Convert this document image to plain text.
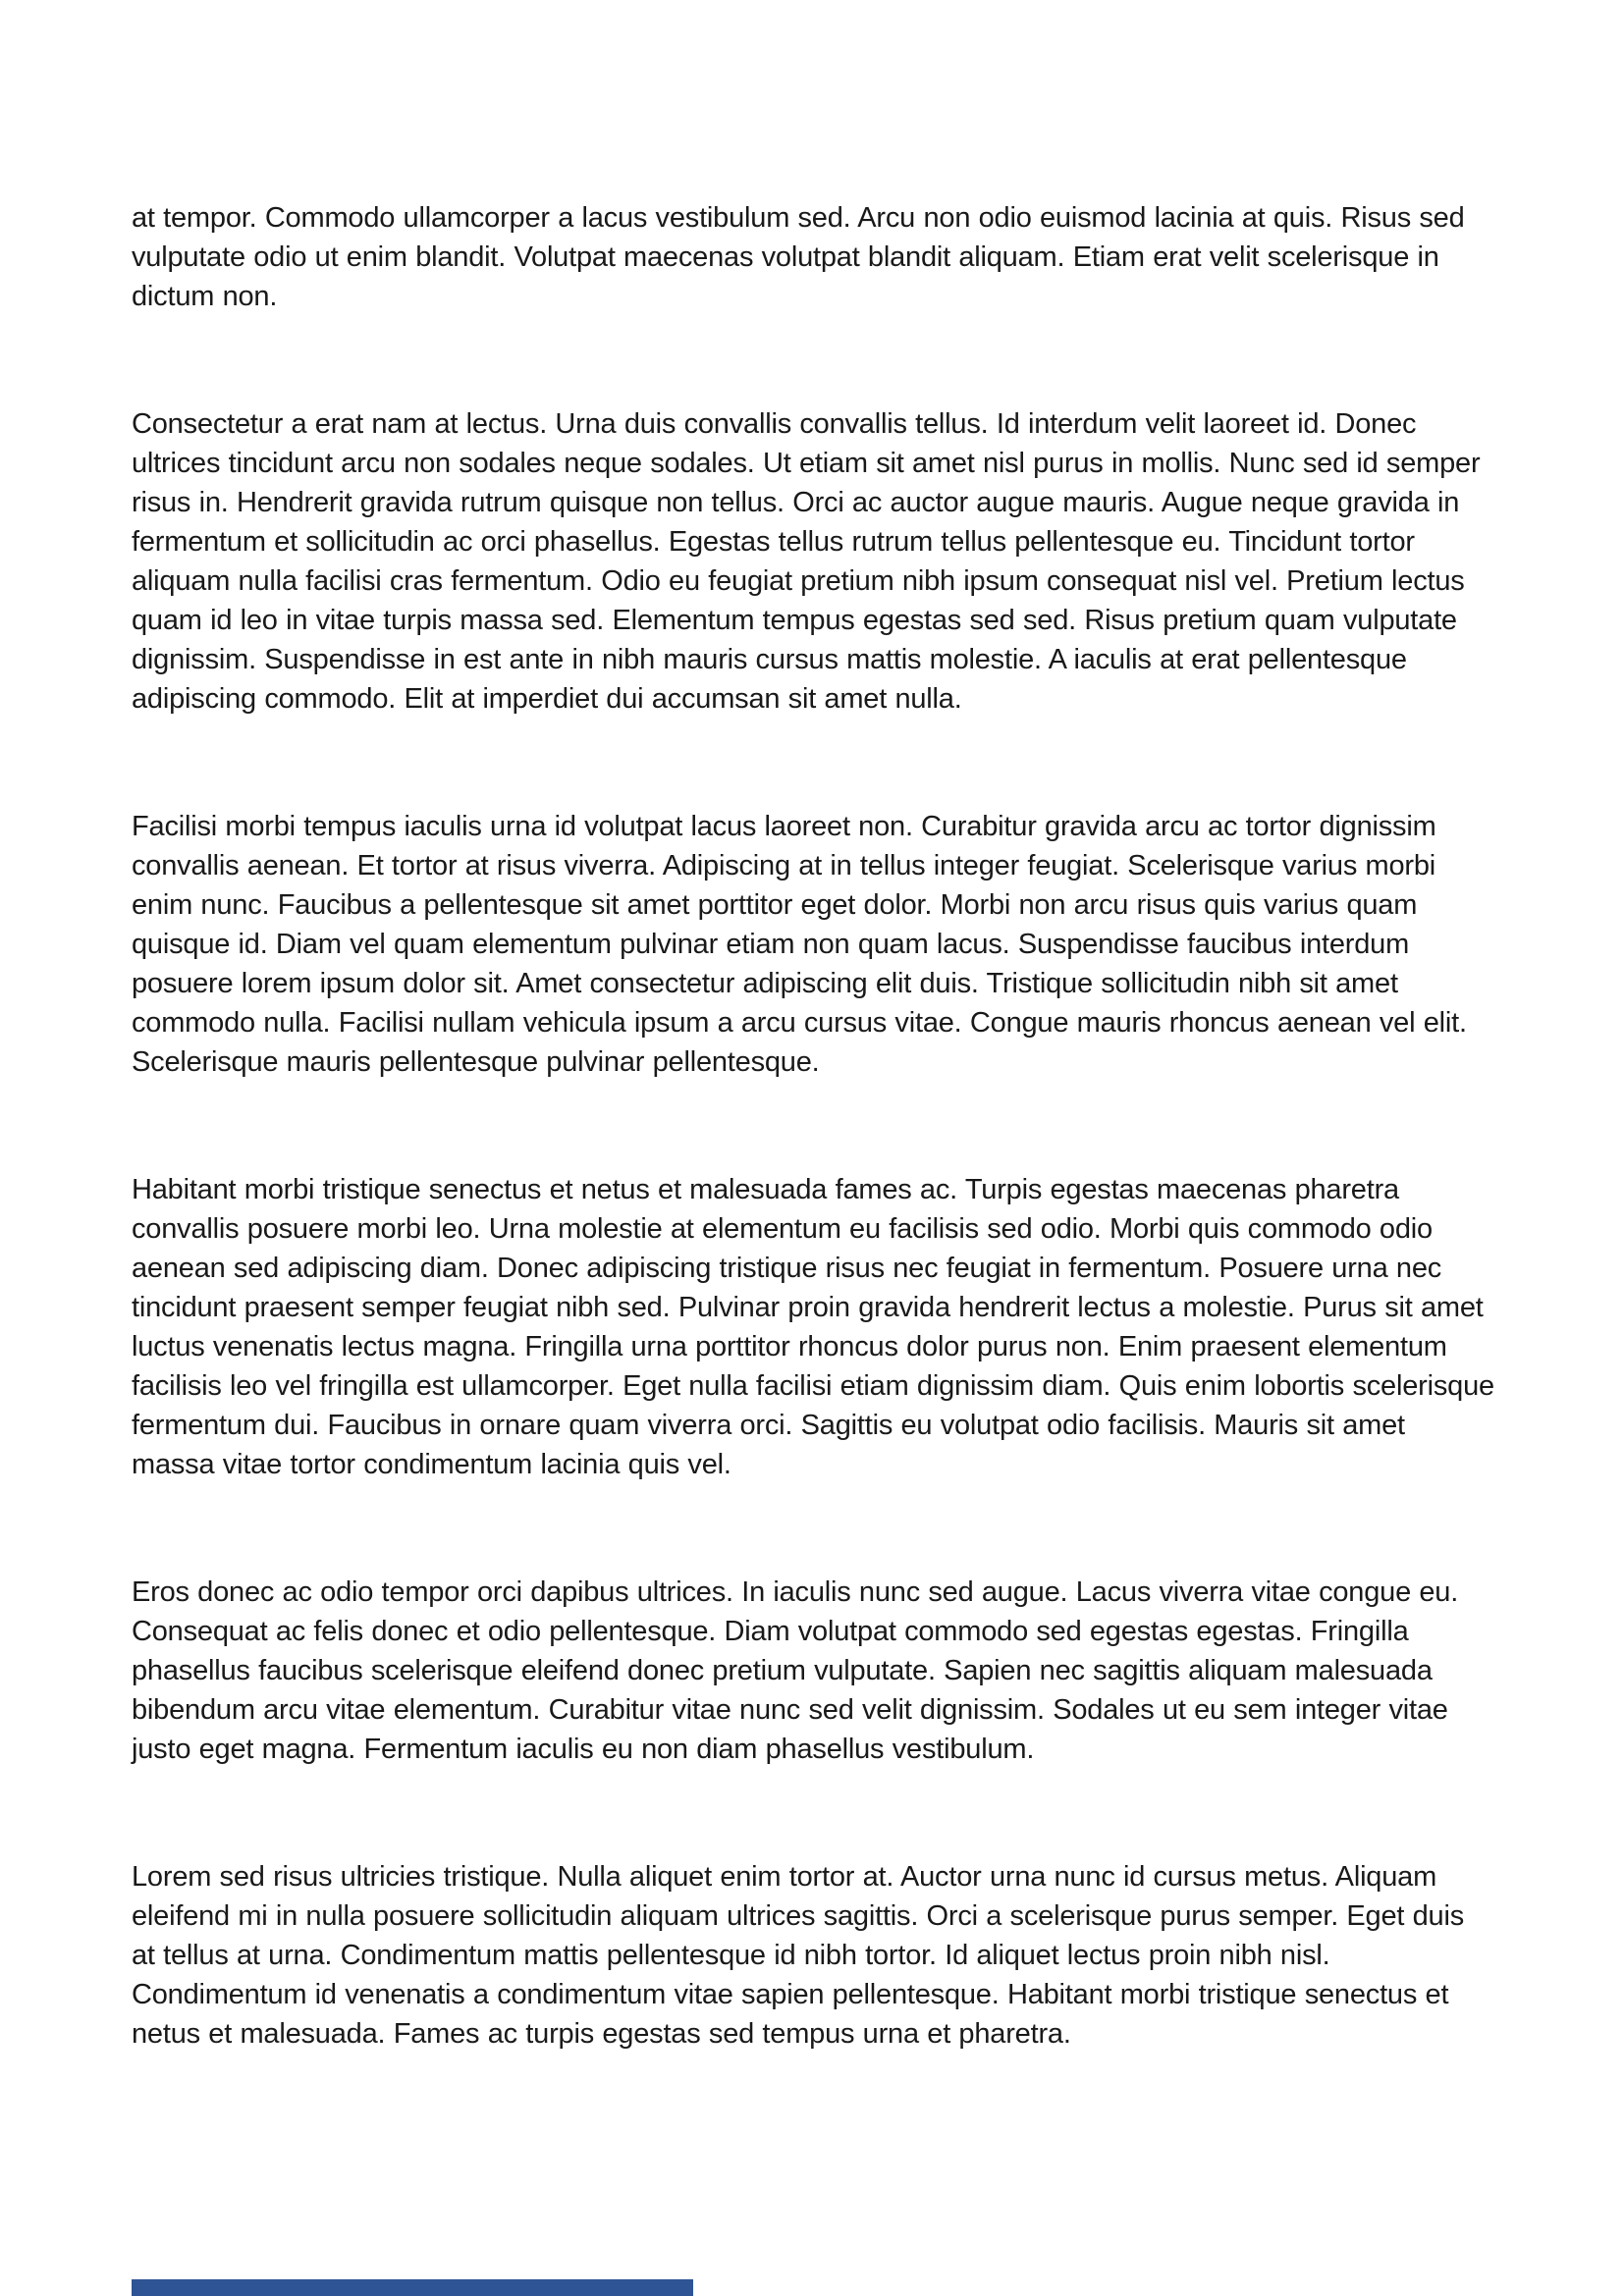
at tempor. Commodo ullamcorper a lacus vestibulum sed. Arcu non odio euismod lacinia at quis. Risus sed vulputate odio ut enim blandit. Volutpat maecenas volutpat blandit aliquam. Etiam erat velit scelerisque in dictum non.

Consectetur a erat nam at lectus. Urna duis convallis convallis tellus. Id interdum velit laoreet id. Donec ultrices tincidunt arcu non sodales neque sodales. Ut etiam sit amet nisl purus in mollis. Nunc sed id semper risus in. Hendrerit gravida rutrum quisque non tellus. Orci ac auctor augue mauris. Augue neque gravida in fermentum et sollicitudin ac orci phasellus. Egestas tellus rutrum tellus pellentesque eu. Tincidunt tortor aliquam nulla facilisi cras fermentum. Odio eu feugiat pretium nibh ipsum consequat nisl vel. Pretium lectus quam id leo in vitae turpis massa sed. Elementum tempus egestas sed sed. Risus pretium quam vulputate dignissim. Suspendisse in est ante in nibh mauris cursus mattis molestie. A iaculis at erat pellentesque adipiscing commodo. Elit at imperdiet dui accumsan sit amet nulla.

Facilisi morbi tempus iaculis urna id volutpat lacus laoreet non. Curabitur gravida arcu ac tortor dignissim convallis aenean. Et tortor at risus viverra. Adipiscing at in tellus integer feugiat. Scelerisque varius morbi enim nunc. Faucibus a pellentesque sit amet porttitor eget dolor. Morbi non arcu risus quis varius quam quisque id. Diam vel quam elementum pulvinar etiam non quam lacus. Suspendisse faucibus interdum posuere lorem ipsum dolor sit. Amet consectetur adipiscing elit duis. Tristique sollicitudin nibh sit amet commodo nulla. Facilisi nullam vehicula ipsum a arcu cursus vitae. Congue mauris rhoncus aenean vel elit. Scelerisque mauris pellentesque pulvinar pellentesque.

Habitant morbi tristique senectus et netus et malesuada fames ac. Turpis egestas maecenas pharetra convallis posuere morbi leo. Urna molestie at elementum eu facilisis sed odio. Morbi quis commodo odio aenean sed adipiscing diam. Donec adipiscing tristique risus nec feugiat in fermentum. Posuere urna nec tincidunt praesent semper feugiat nibh sed. Pulvinar proin gravida hendrerit lectus a molestie. Purus sit amet luctus venenatis lectus magna. Fringilla urna porttitor rhoncus dolor purus non. Enim praesent elementum facilisis leo vel fringilla est ullamcorper. Eget nulla facilisi etiam dignissim diam. Quis enim lobortis scelerisque fermentum dui. Faucibus in ornare quam viverra orci. Sagittis eu volutpat odio facilisis. Mauris sit amet massa vitae tortor condimentum lacinia quis vel.

Eros donec ac odio tempor orci dapibus ultrices. In iaculis nunc sed augue. Lacus viverra vitae congue eu. Consequat ac felis donec et odio pellentesque. Diam volutpat commodo sed egestas egestas. Fringilla phasellus faucibus scelerisque eleifend donec pretium vulputate. Sapien nec sagittis aliquam malesuada bibendum arcu vitae elementum. Curabitur vitae nunc sed velit dignissim. Sodales ut eu sem integer vitae justo eget magna. Fermentum iaculis eu non diam phasellus vestibulum.

Lorem sed risus ultricies tristique. Nulla aliquet enim tortor at. Auctor urna nunc id cursus metus. Aliquam eleifend mi in nulla posuere sollicitudin aliquam ultrices sagittis. Orci a scelerisque purus semper. Eget duis at tellus at urna. Condimentum mattis pellentesque id nibh tortor. Id aliquet lectus proin nibh nisl. Condimentum id venenatis a condimentum vitae sapien pellentesque. Habitant morbi tristique senectus et netus et malesuada. Fames ac turpis egestas sed tempus urna et pharetra.
